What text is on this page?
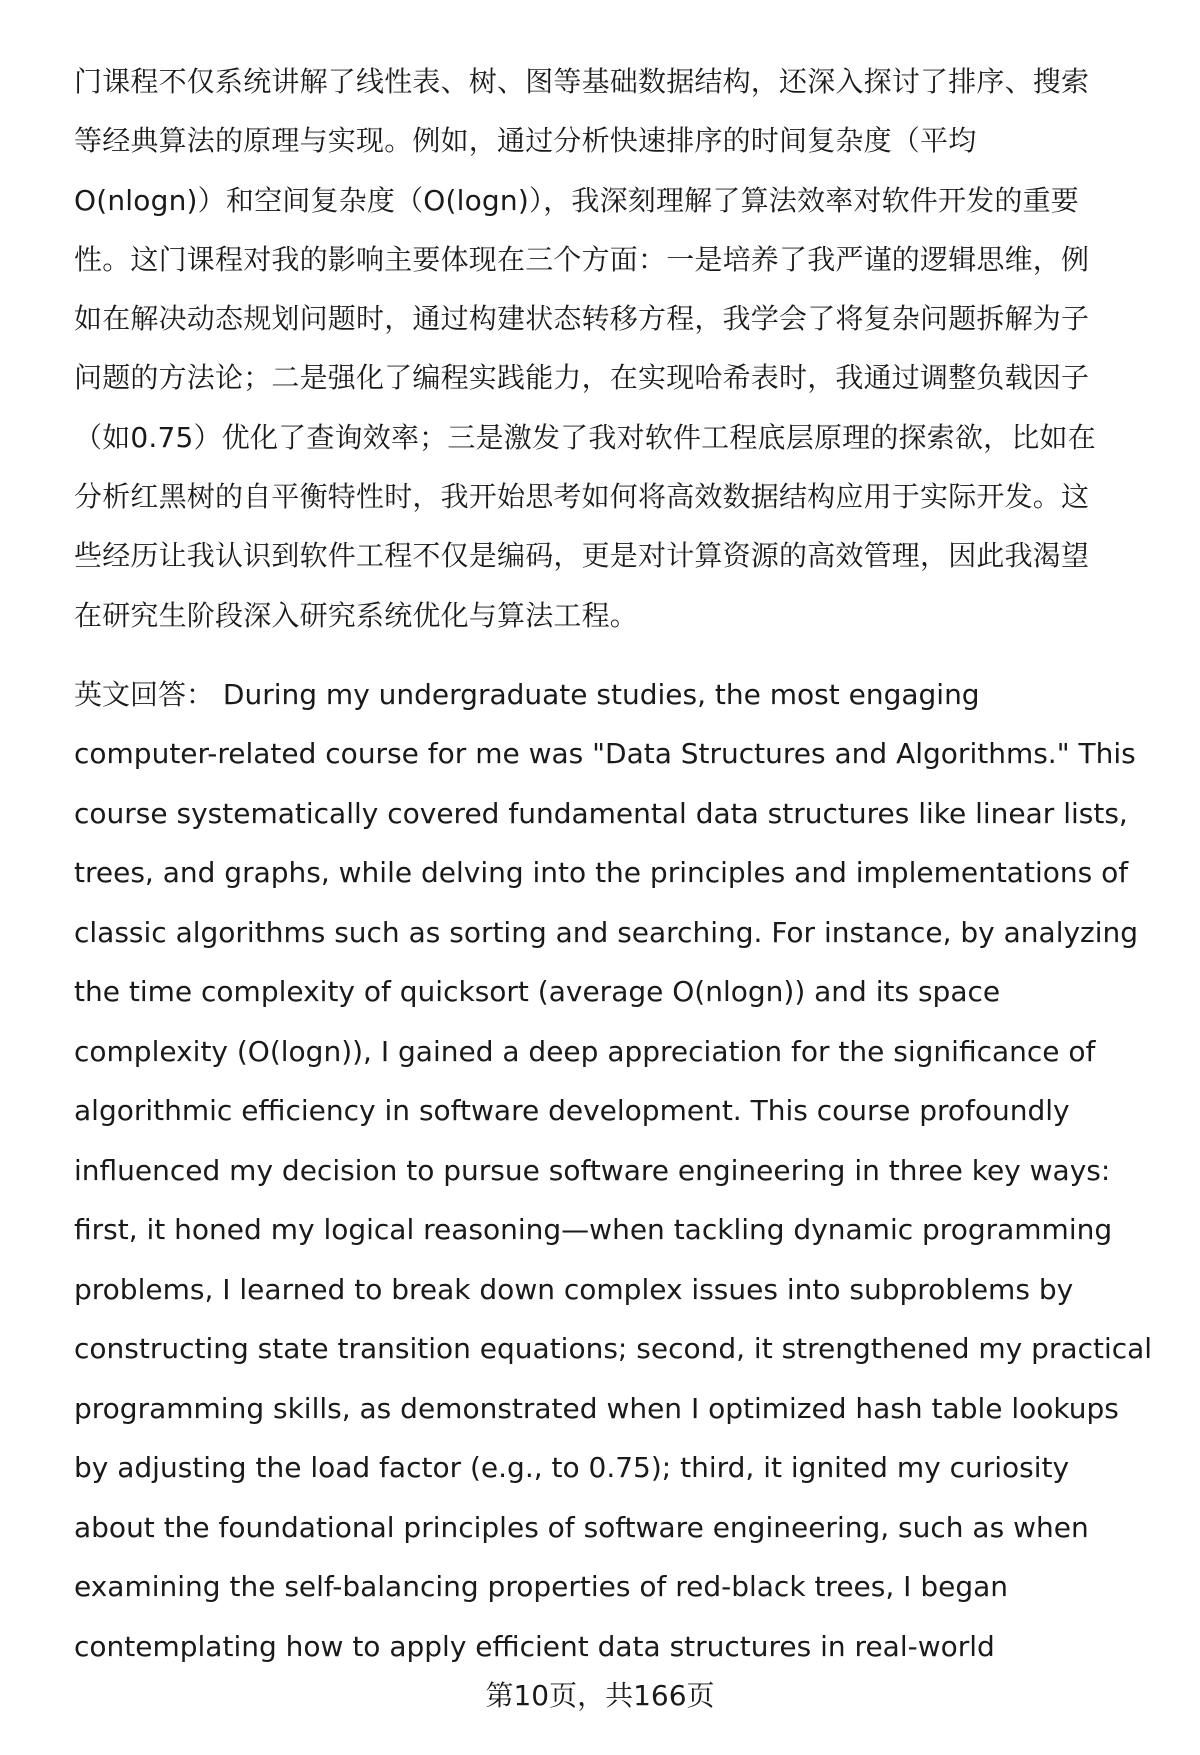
门课程不仅系统讲解了线性表、树、图等基础数据结构，还深入探讨了排序、搜索
等经典算法的原理与实现。例如，通过分析快速排序的时间复杂度（平均
O(nlogn)）和空间复杂度（O(logn)），我深刻理解了算法效率对软件开发的重要
性。这门课程对我的影响主要体现在三个方面：一是培养了我严谨的逻辑思维，例
如在解决动态规划问题时，通过构建状态转移方程，我学会了将复杂问题拆解为子
问题的方法论；二是强化了编程实践能力，在实现哈希表时，我通过调整负载因子
（如0.75）优化了查询效率；三是激发了我对软件工程底层原理的探索欲，比如在
分析红黑树的自平衡特性时，我开始思考如何将高效数据结构应用于实际开发。这
些经历让我认识到软件工程不仅是编码，更是对计算资源的高效管理，因此我渴望
在研究生阶段深入研究系统优化与算法工程。
英文回答： During my undergraduate studies, the most engaging
computer-related course for me was "Data Structures and Algorithms." This
course systematically covered fundamental data structures like linear lists,
trees, and graphs, while delving into the principles and implementations of
classic algorithms such as sorting and searching. For instance, by analyzing
the time complexity of quicksort (average O(nlogn)) and its space
complexity (O(logn)), I gained a deep appreciation for the significance of
algorithmic efficiency in software development. This course profoundly
influenced my decision to pursue software engineering in three key ways:
first, it honed my logical reasoning—when tackling dynamic programming
problems, I learned to break down complex issues into subproblems by
constructing state transition equations; second, it strengthened my practical
programming skills, as demonstrated when I optimized hash table lookups
by adjusting the load factor (e.g., to 0.75); third, it ignited my curiosity
about the foundational principles of software engineering, such as when
examining the self-balancing properties of red-black trees, I began
contemplating how to apply efficient data structures in real-world
第10页，共166页
